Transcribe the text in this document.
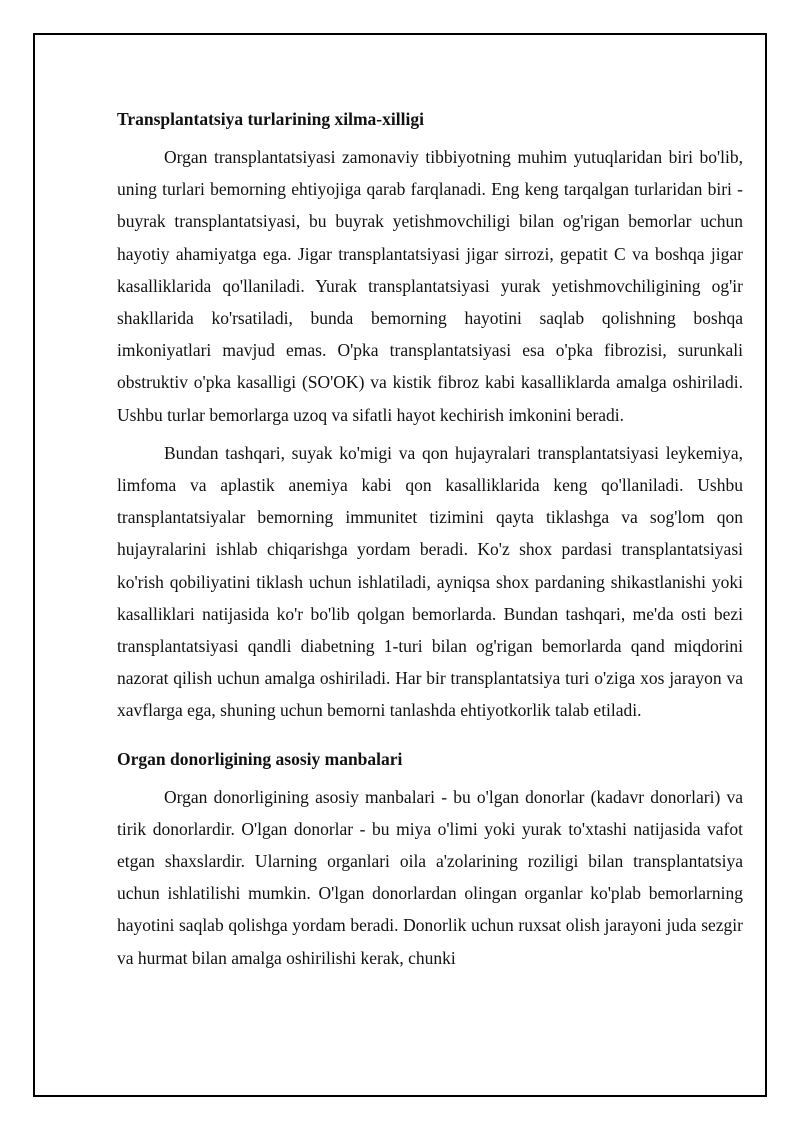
Transplantatsiya turlarining xilma-xilligi

Organ transplantatsiyasi zamonaviy tibbiyotning muhim yutuqlaridan biri bo'lib, uning turlari bemorning ehtiyojiga qarab farqlanadi. Eng keng tarqalgan turlaridan biri - buyrak transplantatsiyasi, bu buyrak yetishmovchiligi bilan og'rigan bemorlar uchun hayotiy ahamiyatga ega. Jigar transplantatsiyasi jigar sirrozi, gepatit C va boshqa jigar kasalliklarida qo'llaniladi. Yurak transplantatsiyasi yurak yetishmovchiligining og'ir shakllarida ko'rsatiladi, bunda bemorning hayotini saqlab qolishning boshqa imkoniyatlari mavjud emas. O'pka transplantatsiyasi esa o'pka fibrozisi, surunkali obstruktiv o'pka kasalligi (SO'OK) va kistik fibroz kabi kasalliklarda amalga oshiriladi. Ushbu turlar bemorlarga uzoq va sifatli hayot kechirish imkonini beradi.

Bundan tashqari, suyak ko'migi va qon hujayralari transplantatsiyasi leykemiya, limfoma va aplastik anemiya kabi qon kasalliklarida keng qo'llaniladi. Ushbu transplantatsiyalar bemorning immunitet tizimini qayta tiklashga va sog'lom qon hujayralarini ishlab chiqarishga yordam beradi. Ko'z shox pardasi transplantatsiyasi ko'rish qobiliyatini tiklash uchun ishlatiladi, ayniqsa shox pardaning shikastlanishi yoki kasalliklari natijasida ko'r bo'lib qolgan bemorlarda. Bundan tashqari, me'da osti bezi transplantatsiyasi qandli diabetning 1-turi bilan og'rigan bemorlarda qand miqdorini nazorat qilish uchun amalga oshiriladi. Har bir transplantatsiya turi o'ziga xos jarayon va xavflarga ega, shuning uchun bemorni tanlashda ehtiyotkorlik talab etiladi.

Organ donorligining asosiy manbalari

Organ donorligining asosiy manbalari - bu o'lgan donorlar (kadavr donorlari) va tirik donorlardir. O'lgan donorlar - bu miya o'limi yoki yurak to'xtashi natijasida vafot etgan shaxslardir. Ularning organlari oila a'zolarining roziligi bilan transplantatsiya uchun ishlatilishi mumkin. O'lgan donorlardan olingan organlar ko'plab bemorlarning hayotini saqlab qolishga yordam beradi. Donorlik uchun ruxsat olish jarayoni juda sezgir va hurmat bilan amalga oshirilishi kerak, chunki
